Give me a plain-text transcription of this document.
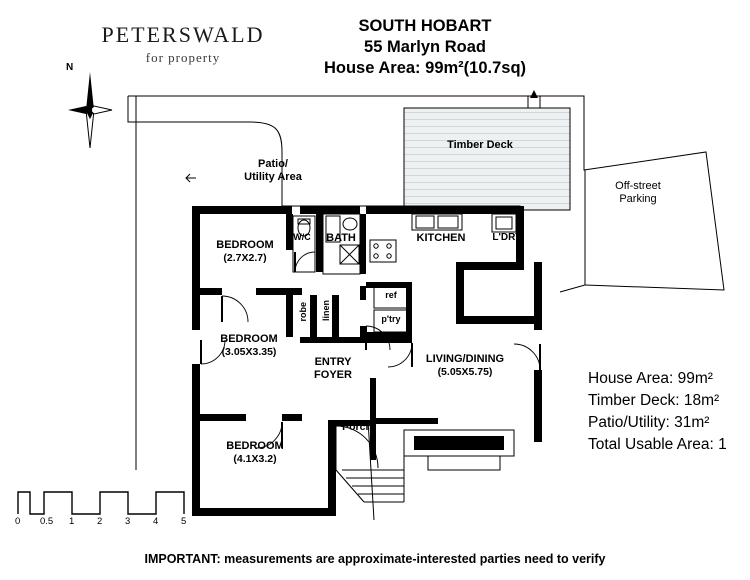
PETERSWALD
for property
SOUTH HOBART
55 Marlyn Road
House Area: 99m²(10.7sq)
N
0 0.5 1 2 3 4 5
Timber Deck
Patio/
Utility Area
Off-street
Parking
BEDROOM
(2.7X2.7)
BEDROOM
(3.05X3.35)
BEDROOM
(4.1X3.2)
BATH
W/C	KITCHEN	L'DRY
LIVING/DINING
(5.05X5.75)
ENTRY
FOYER
Porch
ref
p'try
robe linen
House Area: 99m²
Timber Deck: 18m²
Patio/Utility: 31m²
Total Usable Area: 1
IMPORTANT: measurements are approximate-interested parties need to verify
